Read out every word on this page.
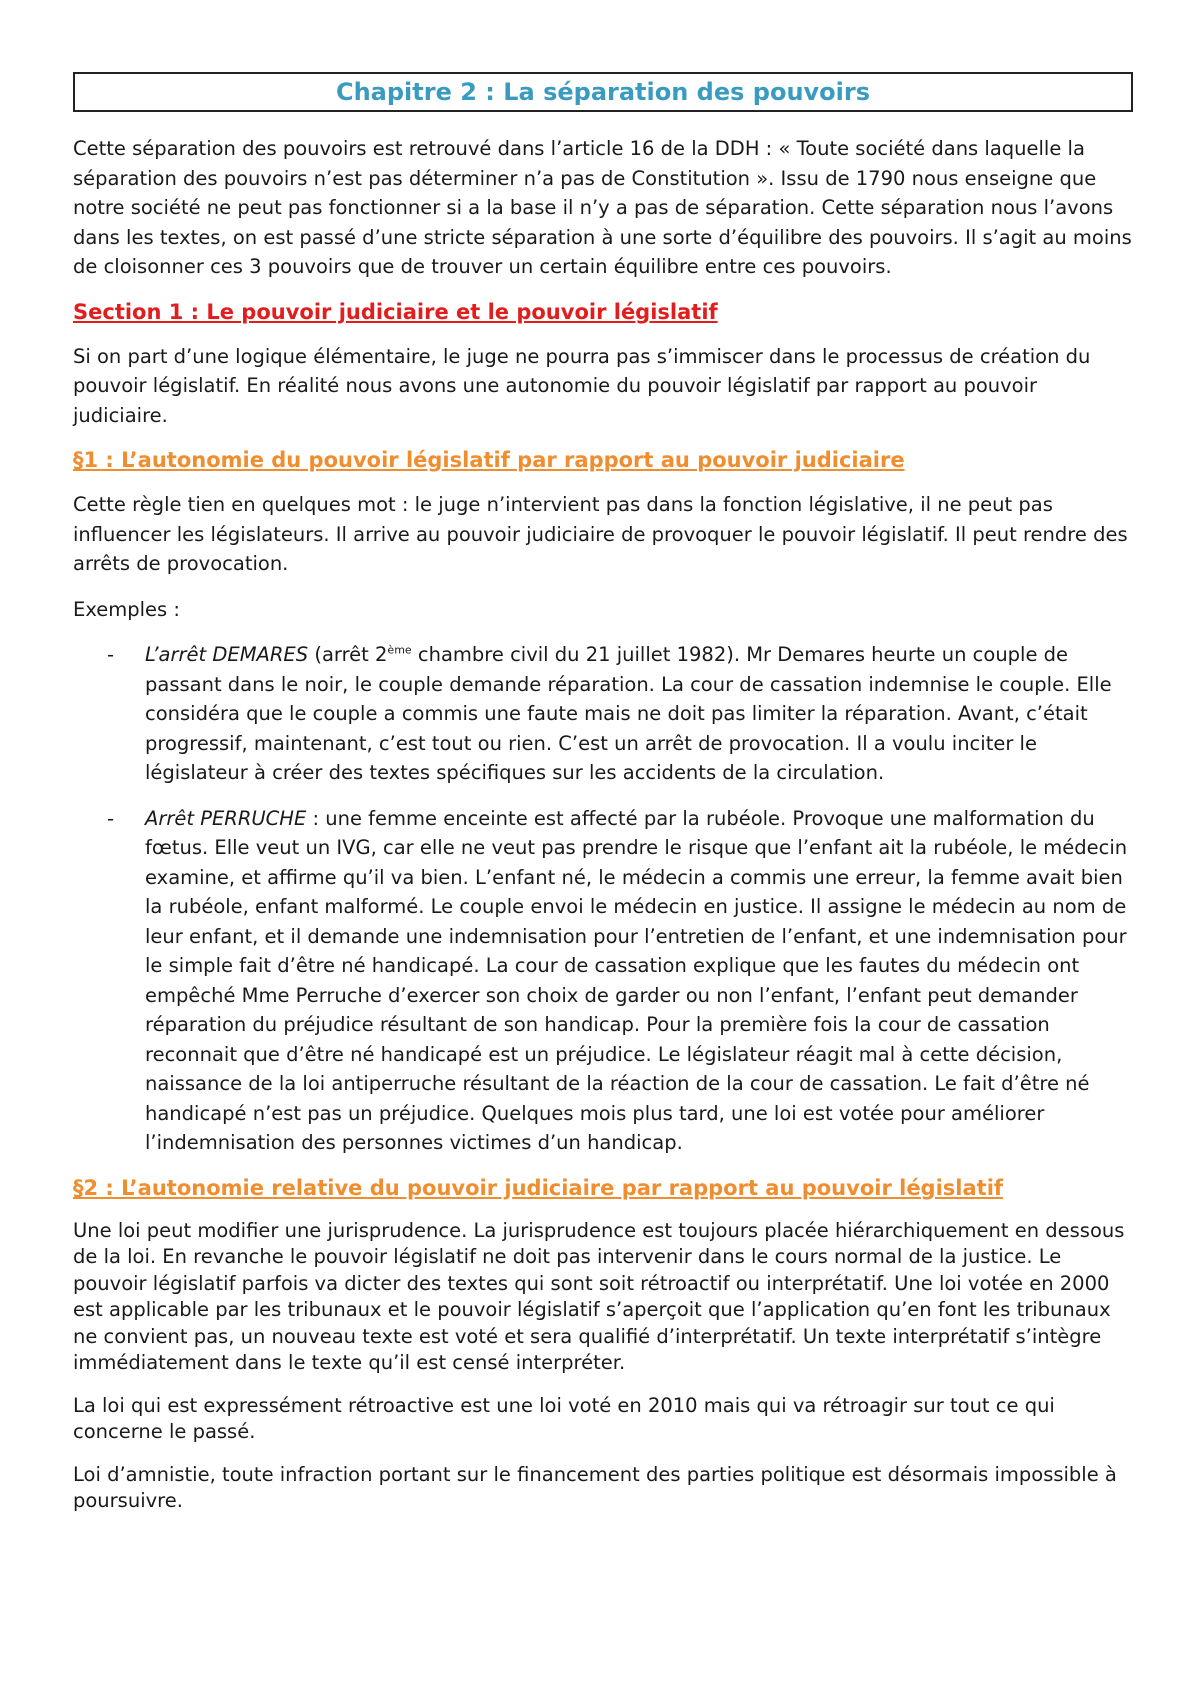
Chapitre 2 : La séparation des pouvoirs

Cette séparation des pouvoirs est retrouvé dans l’article 16 de la DDH : « Toute société dans laquelle la séparation des pouvoirs n’est pas déterminer n’a pas de Constitution ». Issu de 1790 nous enseigne que notre société ne peut pas fonctionner si a la base il n’y a pas de séparation. Cette séparation nous l’avons dans les textes, on est passé d’une stricte séparation à une sorte d’équilibre des pouvoirs. Il s’agit au moins de cloisonner ces 3 pouvoirs que de trouver un certain équilibre entre ces pouvoirs.

Section 1 : Le pouvoir judiciaire et le pouvoir législatif

Si on part d’une logique élémentaire, le juge ne pourra pas s’immiscer dans le processus de création du pouvoir législatif. En réalité nous avons une autonomie du pouvoir législatif par rapport au pouvoir judiciaire.

§1 : L’autonomie du pouvoir législatif par rapport au pouvoir judiciaire

Cette règle tien en quelques mot : le juge n’intervient pas dans la fonction législative, il ne peut pas influencer les législateurs. Il arrive au pouvoir judiciaire de provoquer le pouvoir législatif. Il peut rendre des arrêts de provocation.

Exemples :

- L’arrêt DEMARES (arrêt 2ème chambre civil du 21 juillet 1982). Mr Demares heurte un couple de passant dans le noir, le couple demande réparation. La cour de cassation indemnise le couple. Elle considéra que le couple a commis une faute mais ne doit pas limiter la réparation. Avant, c’était progressif, maintenant, c’est tout ou rien. C’est un arrêt de provocation. Il a voulu inciter le législateur à créer des textes spécifiques sur les accidents de la circulation.
- Arrêt PERRUCHE : une femme enceinte est affecté par la rubéole. Provoque une malformation du fœtus. Elle veut un IVG, car elle ne veut pas prendre le risque que l’enfant ait la rubéole, le médecin examine, et affirme qu’il va bien. L’enfant né, le médecin a commis une erreur, la femme avait bien la rubéole, enfant malformé. Le couple envoi le médecin en justice. Il assigne le médecin au nom de leur enfant, et il demande une indemnisation pour l’entretien de l’enfant, et une indemnisation pour le simple fait d’être né handicapé. La cour de cassation explique que les fautes du médecin ont empêché Mme Perruche d’exercer son choix de garder ou non l’enfant, l’enfant peut demander réparation du préjudice résultant de son handicap. Pour la première fois la cour de cassation reconnait que d’être né handicapé est un préjudice. Le législateur réagit mal à cette décision, naissance de la loi antiperruche résultant de la réaction de la cour de cassation. Le fait d’être né handicapé n’est pas un préjudice. Quelques mois plus tard, une loi est votée pour améliorer l’indemnisation des personnes victimes d’un handicap.

§2 : L’autonomie relative du pouvoir judiciaire par rapport au pouvoir législatif

Une loi peut modifier une jurisprudence. La jurisprudence est toujours placée hiérarchiquement en dessous de la loi. En revanche le pouvoir législatif ne doit pas intervenir dans le cours normal de la justice. Le pouvoir législatif parfois va dicter des textes qui sont soit rétroactif ou interprétatif. Une loi votée en 2000 est applicable par les tribunaux et le pouvoir législatif s’aperçoit que l’application qu’en font les tribunaux ne convient pas, un nouveau texte est voté et sera qualifié d’interprétatif. Un texte interprétatif s’intègre immédiatement dans le texte qu’il est censé interpréter.

La loi qui est expressément rétroactive est une loi voté en 2010 mais qui va rétroagir sur tout ce qui concerne le passé.

Loi d’amnistie, toute infraction portant sur le financement des parties politique est désormais impossible à poursuivre.
